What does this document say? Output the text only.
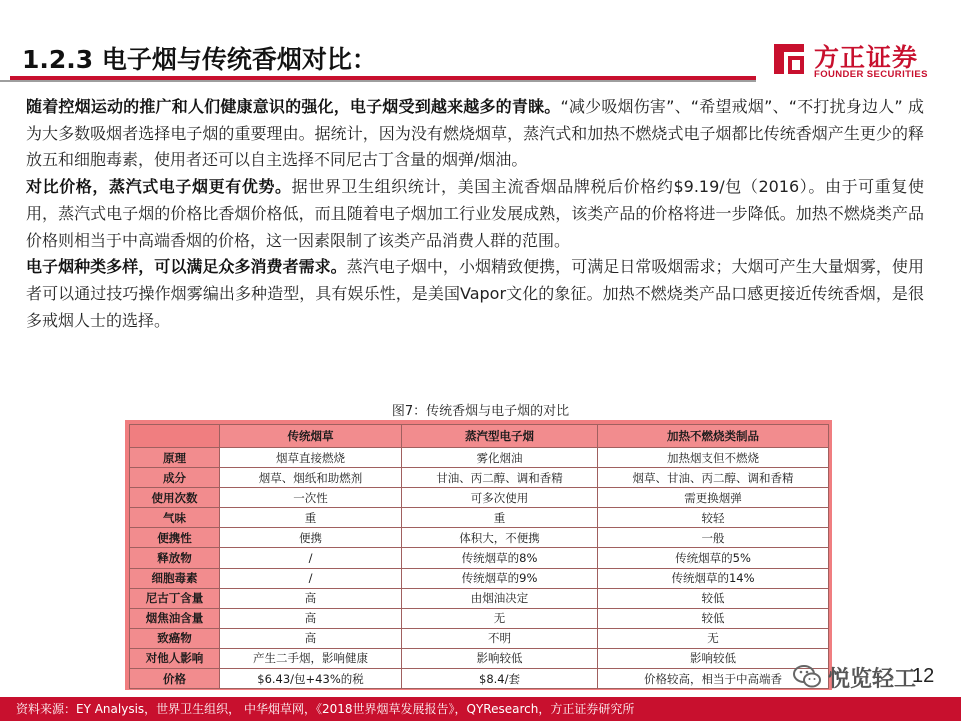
1.2.3 电子烟与传统香烟对比：	方正证券
FOUNDER SECURITIES

随着控烟运动的推广和人们健康意识的强化，电子烟受到越来越多的青睐。“减少吸烟伤害”、“希望戒烟”、“不打扰身边人” 成为大多数吸烟者选择电子烟的重要理由。据统计，因为没有燃烧烟草，蒸汽式和加热不燃烧式电子烟都比传统香烟产生更少的释放五和细胞毒素，使用者还可以自主选择不同尼古丁含量的烟弹/烟油。

对比价格，蒸汽式电子烟更有优势。据世界卫生组织统计，美国主流香烟品牌税后价格约$9.19/包（2016）。由于可重复使用，蒸汽式电子烟的价格比香烟价格低，而且随着电子烟加工行业发展成熟，该类产品的价格将进一步降低。加热不燃烧类产品价格则相当于中高端香烟的价格，这一因素限制了该类产品消费人群的范围。

电子烟种类多样，可以满足众多消费者需求。蒸汽电子烟中，小烟精致便携，可满足日常吸烟需求；大烟可产生大量烟雾，使用者可以通过技巧操作烟雾编出多种造型，具有娱乐性，是美国Vapor文化的象征。加热不燃烧类产品口感更接近传统香烟，是很多戒烟人士的选择。

图7：传统香烟与电子烟的对比
	传统烟草	蒸汽型电子烟	加热不燃烧类制品
原理	烟草直接燃烧	雾化烟油	加热烟支但不燃烧
成分	烟草、烟纸和助燃剂	甘油、丙二醇、调和香精	烟草、甘油、丙二醇、调和香精
使用次数	一次性	可多次使用	需更换烟弹
气味	重	重	较轻
便携性	便携	体积大，不便携	一般
释放物	/	传统烟草的8%	传统烟草的5%
细胞毒素	/	传统烟草的9%	传统烟草的14%
尼古丁含量	高	由烟油决定	较低
烟焦油含量	高	无	较低
致癌物	高	不明	无
对他人影响	产生二手烟，影响健康	影响较低	影响较低
价格	$6.43/包+43%的税	$8.4/套	价格较高，相当于中高端香 悦览轻工
12
资料来源：EY Analysis，世界卫生组织， 中华烟草网，《2018世界烟草发展报告》，QYResearch，方正证券研究所
